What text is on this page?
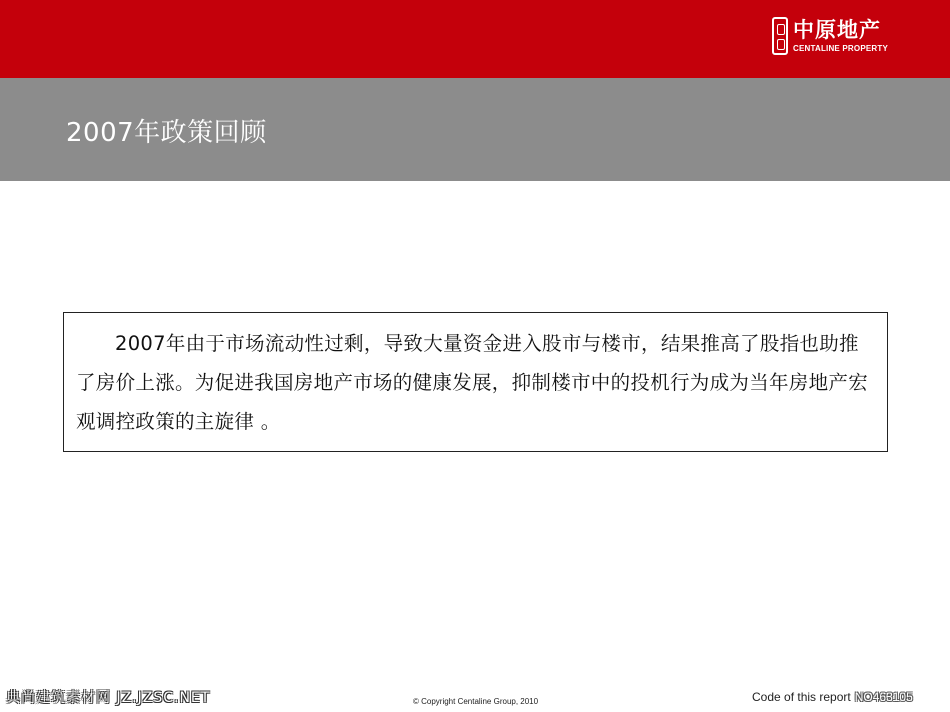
中原地产
CENTALINE PROPERTY
2007年政策回顾

2007年由于市场流动性过剩，导致大量资金进入股市与楼市，结果推高了股指也助推了房价上涨。为促进我国房地产市场的健康发展，抑制楼市中的投机行为成为当年房地产宏观调控政策的主旋律 。

典尚建筑素材网 JZ.JZSC.NET	© Copyright Centaline Group, 2010	Code of this report NO463105
